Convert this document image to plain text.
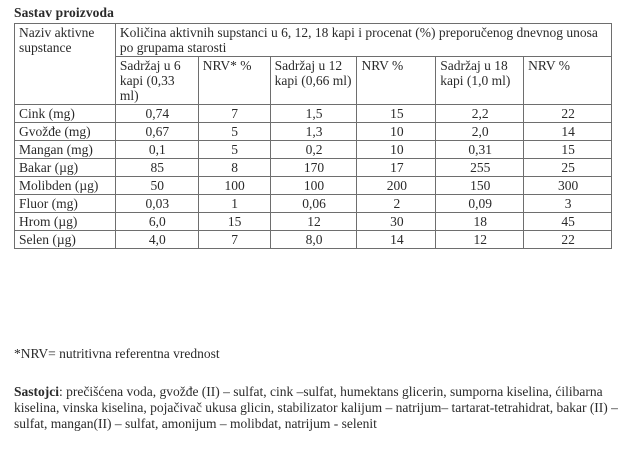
Sastav proizvoda
Naziv aktivne supstance	Količina aktivnih supstanci u 6, 12, 18 kapi i procenat (%) preporučenog dnevnog unosa po grupama starosti					
	Sadržaj u 6 kapi (0,33 ml)	NRV* %	Sadržaj u 12 kapi (0,66 ml)	NRV %	Sadržaj u 18 kapi (1,0 ml)	NRV %
Cink (mg)	0,74	7	1,5	15	2,2	22
Gvožđe (mg)	0,67	5	1,3	10	2,0	14
Mangan (mg)	0,1	5	0,2	10	0,31	15
Bakar (µg)	85	8	170	17	255	25
Molibden (µg)	50	100	100	200	150	300
Fluor (mg)	0,03	1	0,06	2	0,09	3
Hrom (µg)	6,0	15	12	30	18	45
Selen (µg)	4,0	7	8,0	14	12	22
*NRV= nutritivna referentna vrednost
Sastojci: prečišćena voda, gvožđe (II) – sulfat, cink –sulfat, humektans glicerin, sumporna kiselina, ćilibarna kiselina, vinska kiselina, pojačivač ukusa glicin, stabilizator kalijum – natrijum– tartarat-tetrahidrat, bakar (II) – sulfat, mangan(II) – sulfat, amonijum – molibdat, natrijum - selenit
